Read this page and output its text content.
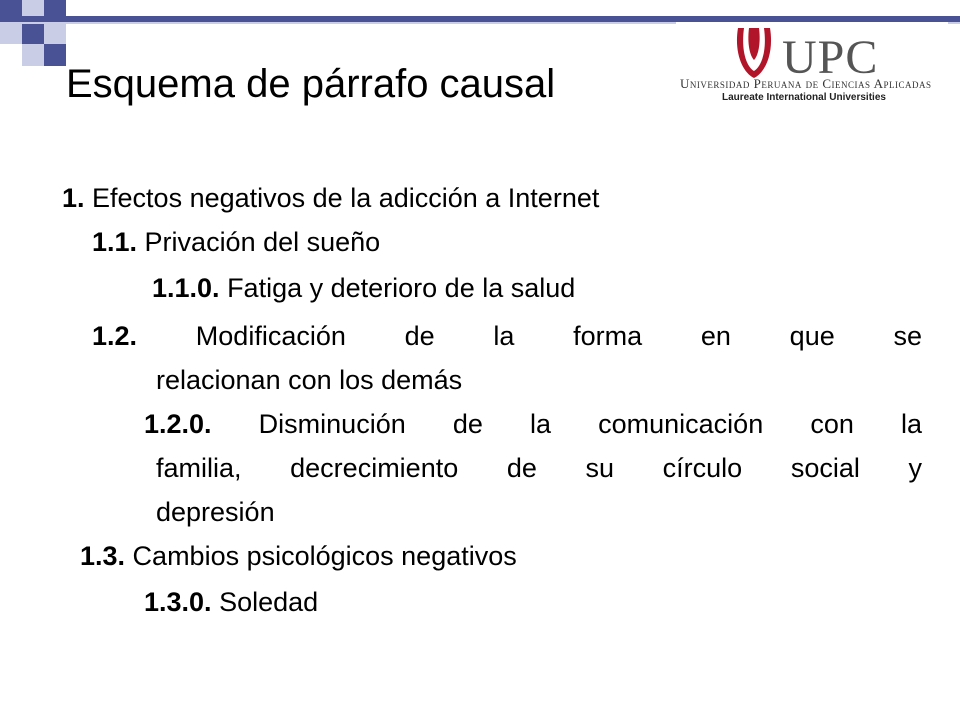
UPC
Universidad Peruana de Ciencias Aplicadas
Laureate International Universities
Esquema de párrafo causal
1. Efectos negativos de la adicción a Internet
1.1. Privación del sueño
1.1.0. Fatiga y deterioro de la salud
1.2. Modificación de la forma en que se
relacionan con los demás
1.2.0. Disminución de la comunicación con la
familia, decrecimiento de su círculo social y
depresión
1.3. Cambios psicológicos negativos
1.3.0. Soledad
